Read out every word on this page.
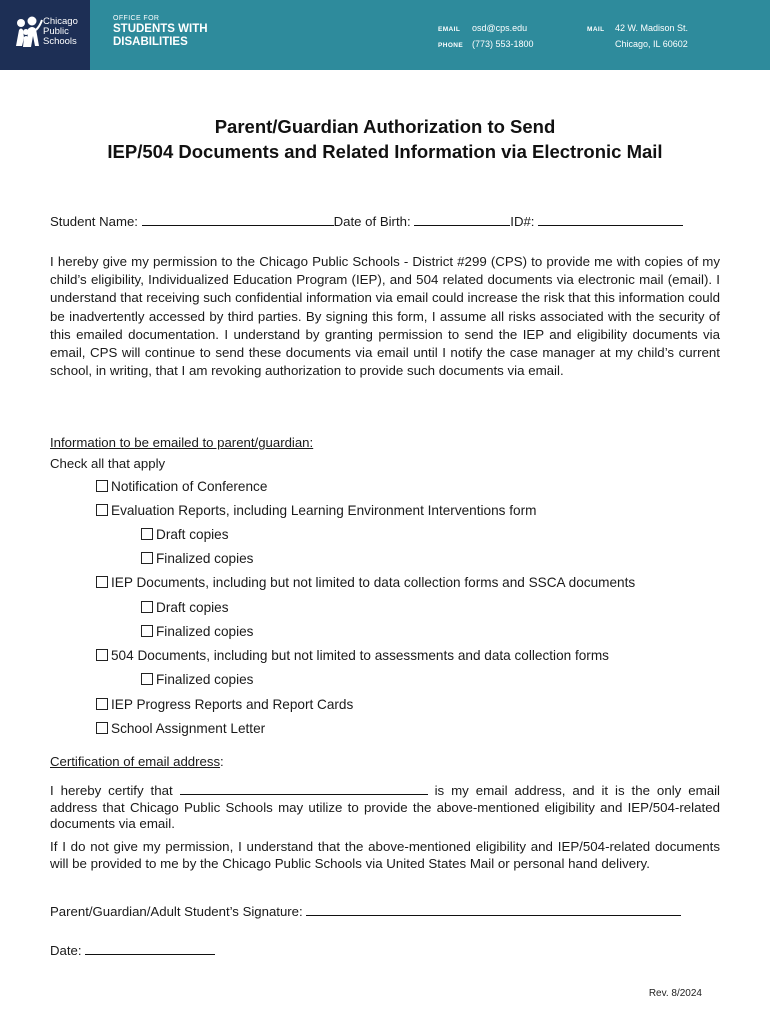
Chicago
Public
Schools
OFFICE FOR
STUDENTS WITH
DISABILITIES
EMAIL osd@cps.edu
PHONE (773) 553-1800
MAIL 42 W. Madison St.
Chicago, IL 60602
Parent/Guardian Authorization to Send
IEP/504 Documents and Related Information via Electronic Mail
Student Name:	Date of Birth:	ID#:
I hereby give my permission to the Chicago Public Schools - District #299 (CPS) to provide me with copies of my child’s eligibility, Individualized Education Program (IEP), and 504 related documents via electronic mail (email). I understand that receiving such confidential information via email could increase the risk that this information could be inadvertently accessed by third parties. By signing this form, I assume all risks associated with the security of this emailed documentation. I understand by granting permission to send the IEP and eligibility documents via email, CPS will continue to send these documents via email until I notify the case manager at my child’s current school, in writing, that I am revoking authorization to provide such documents via email.
Information to be emailed to parent/guardian:
Check all that apply
Notification of Conference
Evaluation Reports, including Learning Environment Interventions form
Draft copies
Finalized copies
IEP Documents, including but not limited to data collection forms and SSCA documents
Draft copies
Finalized copies
504 Documents, including but not limited to assessments and data collection forms
Finalized copies
IEP Progress Reports and Report Cards
School Assignment Letter
Certification of email address:
I hereby certify that	is my email address, and it is the only email address that Chicago Public Schools may utilize to provide the above-mentioned eligibility and IEP/504-related documents via email.
If I do not give my permission, I understand that the above-mentioned eligibility and IEP/504-related documents will be provided to me by the Chicago Public Schools via United States Mail or personal hand delivery.
Parent/Guardian/Adult Student’s Signature:
Date:
Rev. 8/2024
